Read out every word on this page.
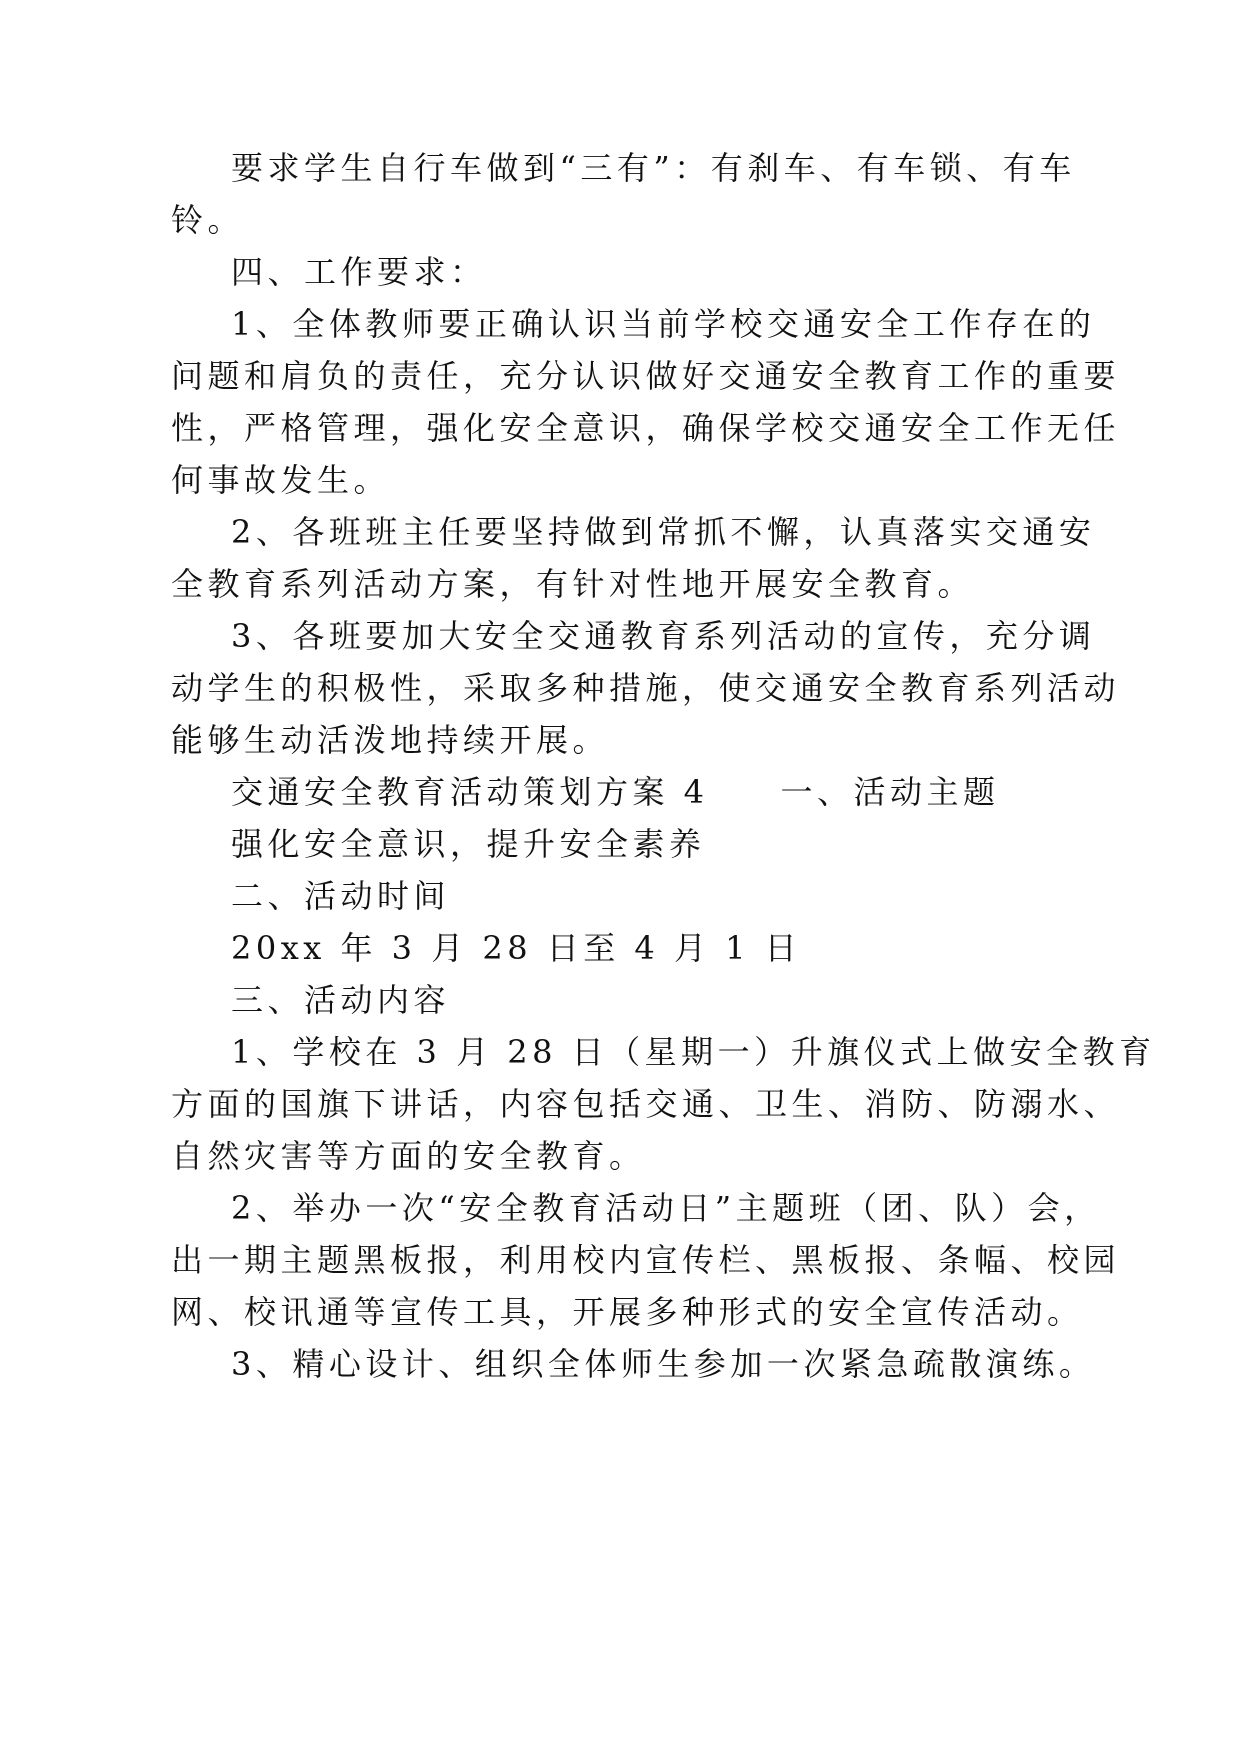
要求学生自行车做到“三有”：有刹车、有车锁、有车
铃。
四、工作要求：
1、全体教师要正确认识当前学校交通安全工作存在的
问题和肩负的责任，充分认识做好交通安全教育工作的重要
性，严格管理，强化安全意识，确保学校交通安全工作无任
何事故发生。
2、各班班主任要坚持做到常抓不懈，认真落实交通安
全教育系列活动方案，有针对性地开展安全教育。
3、各班要加大安全交通教育系列活动的宣传，充分调
动学生的积极性，采取多种措施，使交通安全教育系列活动
能够生动活泼地持续开展。
交通安全教育活动策划方案 4 一、活动主题
强化安全意识，提升安全素养
二、活动时间
20xx 年 3 月 28 日至 4 月 1 日
三、活动内容
1、学校在 3 月 28 日（星期一）升旗仪式上做安全教育
方面的国旗下讲话，内容包括交通、卫生、消防、防溺水、
自然灾害等方面的安全教育。
2、举办一次“安全教育活动日”主题班（团、队）会，
出一期主题黑板报，利用校内宣传栏、黑板报、条幅、校园
网、校讯通等宣传工具，开展多种形式的安全宣传活动。
3、精心设计、组织全体师生参加一次紧急疏散演练。
